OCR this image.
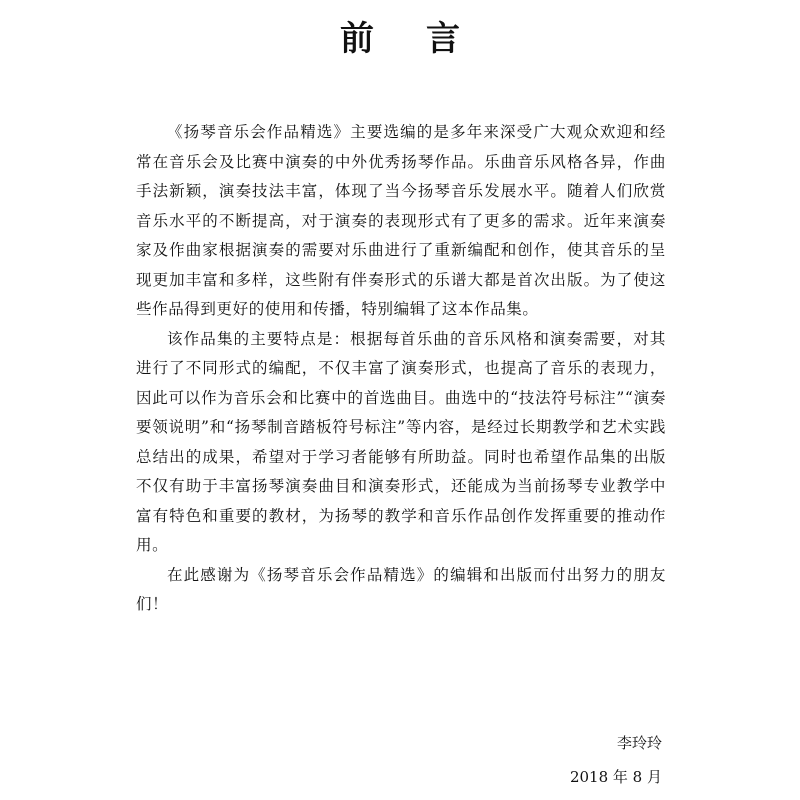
前言

《扬琴音乐会作品精选》主要选编的是多年来深受广大观众欢迎和经常在音乐会及比赛中演奏的中外优秀扬琴作品。乐曲音乐风格各异，作曲手法新颖，演奏技法丰富，体现了当今扬琴音乐发展水平。随着人们欣赏音乐水平的不断提高，对于演奏的表现形式有了更多的需求。近年来演奏家及作曲家根据演奏的需要对乐曲进行了重新编配和创作，使其音乐的呈现更加丰富和多样，这些附有伴奏形式的乐谱大都是首次出版。为了使这些作品得到更好的使用和传播，特别编辑了这本作品集。

该作品集的主要特点是：根据每首乐曲的音乐风格和演奏需要，对其进行了不同形式的编配，不仅丰富了演奏形式，也提高了音乐的表现力，因此可以作为音乐会和比赛中的首选曲目。曲选中的“技法符号标注”“演奏要领说明”和“扬琴制音踏板符号标注”等内容，是经过长期教学和艺术实践总结出的成果，希望对于学习者能够有所助益。同时也希望作品集的出版不仅有助于丰富扬琴演奏曲目和演奏形式，还能成为当前扬琴专业教学中富有特色和重要的教材，为扬琴的教学和音乐作品创作发挥重要的推动作用。

在此感谢为《扬琴音乐会作品精选》的编辑和出版而付出努力的朋友们！

李玲玲
2018 年 8 月
